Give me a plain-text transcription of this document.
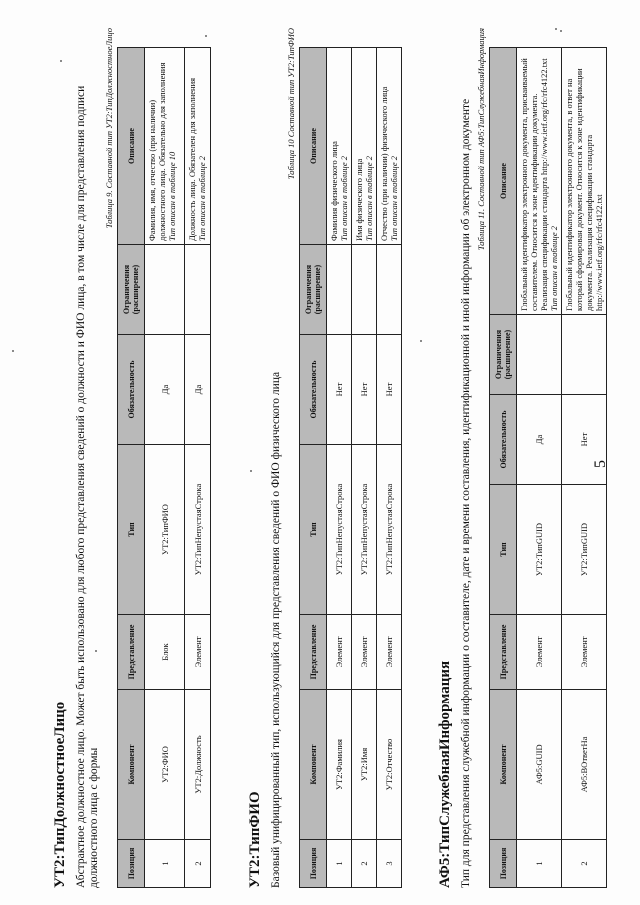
5
УТ2:ТипДолжностноеЛицо Абстрактное должностное лицо. Может быть использовано для любого представления сведений о должности и ФИО лица, в том числе для представления подписи должностного лица с формы

Таблица 9. Составной тип УТ2:ТипДолжностноеЛицо
Позиция	Компонент	Представление	Тип	Обязательность	Ограничения (расширение)	Описание
1	УТ2:ФИО	Блок	УТ2:ТипФИО	Да		Фамилия, имя, отчество (при наличии) должностного лица. Обязательно для заполнения
Тип описан в таблице 10
2	УТ2:Должность	Элемент	УТ2:ТипНепустаяСтрока	Да		Должность лица. Обязателен для заполнения
Тип описан в таблице 2
УТ2:ТипФИО Базовый унифицированный тип, использующийся для представления сведений о ФИО физического лица

Таблица 10 Составной тип УТ2:ТипФИО
Позиция	Компонент	Представление	Тип	Обязательность	Ограничения (расширение)	Описание
1	УТ2:Фамилия	Элемент	УТ2:ТипНепустаяСтрока	Нет		Фамилия физического лица
Тип описан в таблице 2
2	УТ2:Имя	Элемент	УТ2:ТипНепустаяСтрока	Нет		Имя физического лица
Тип описан в таблице 2
3	УТ2:Отчество	Элемент	УТ2:ТипНепустаяСтрока	Нет		Отчество (при наличии) физического лица
Тип описан в таблице 2
АФ5:ТипСлужебнаяИнформация Тип для представления служебной информации о составителе, дате и времени составления, идентификационной и иной информации об электронном документе Таблица 11. Составной тип АФ5:ТипСлужебнаяИнформация
Позиция	Компонент	Представление	Тип	Обязательность	Ограничения (расширение)	Описание
1	АФ5:GUID	Элемент	УТ2:ТипGUID	Да		Глобальный идентификатор электронного документа, присваиваемый составителем. Относится к зоне идентификации документа. Реализация спецификации стандарта http://www.ietf.org/rfc/rfc4122.txt
Тип описан в таблице 2
2	АФ5:ВОтветНа	Элемент	УТ2:ТипGUID	Нет		Глобальный идентификатор электронного документа, в ответ на который сформирован документ. Относится к зоне идентификации документа. Реализация спецификации стандарта http://www.ietf.org/rfc/rfc4122.txt
